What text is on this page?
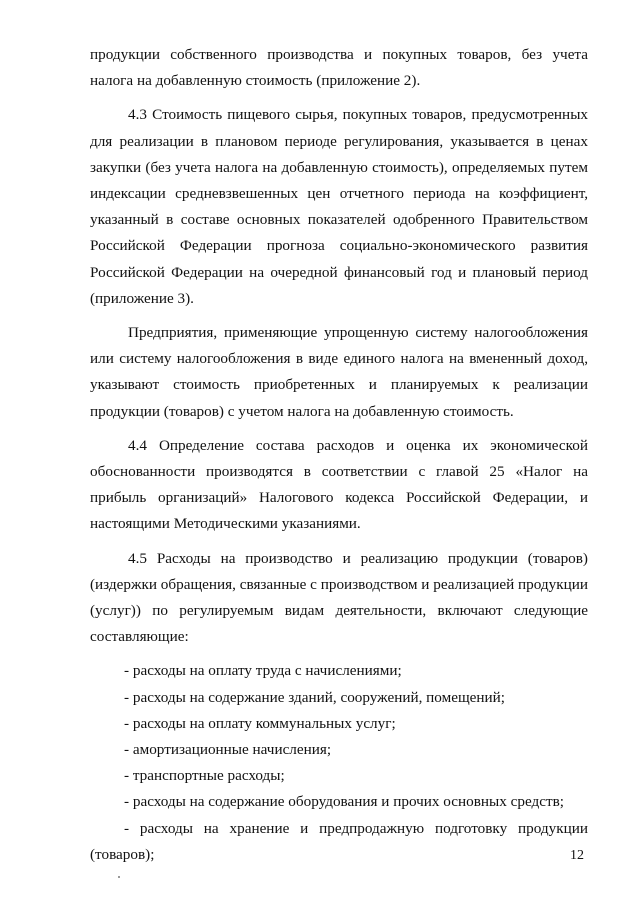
продукции собственного производства и покупных товаров, без учета налога на добавленную стоимость (приложение 2).

4.3 Стоимость пищевого сырья, покупных товаров, предусмотренных для реализации в плановом периоде регулирования, указывается в ценах закупки (без учета налога на добавленную стоимость), определяемых путем индексации средневзвешенных цен отчетного периода на коэффициент, указанный в составе основных показателей одобренного Правительством Российской Федерации прогноза социально-экономического развития Российской Федерации на очередной финансовый год и плановый период (приложение 3).

Предприятия, применяющие упрощенную систему налогообложения или систему налогообложения в виде единого налога на вмененный доход, указывают стоимость приобретенных и планируемых к реализации продукции (товаров) с учетом налога на добавленную стоимость.

4.4 Определение состава расходов и оценка их экономической обоснованности производятся в соответствии с главой 25 «Налог на прибыль организаций» Налогового кодекса Российской Федерации, и настоящими Методическими указаниями.

4.5 Расходы на производство и реализацию продукции (товаров) (издержки обращения, связанные с производством и реализацией продукции (услуг)) по регулируемым видам деятельности, включают следующие составляющие:

- расходы на оплату труда с начислениями;

- расходы на содержание зданий, сооружений, помещений;

- расходы на оплату коммунальных услуг;

- амортизационные начисления;

- транспортные расходы;

- расходы на содержание оборудования и прочих основных средств;

- расходы на хранение и предпродажную подготовку продукции (товаров);	12
